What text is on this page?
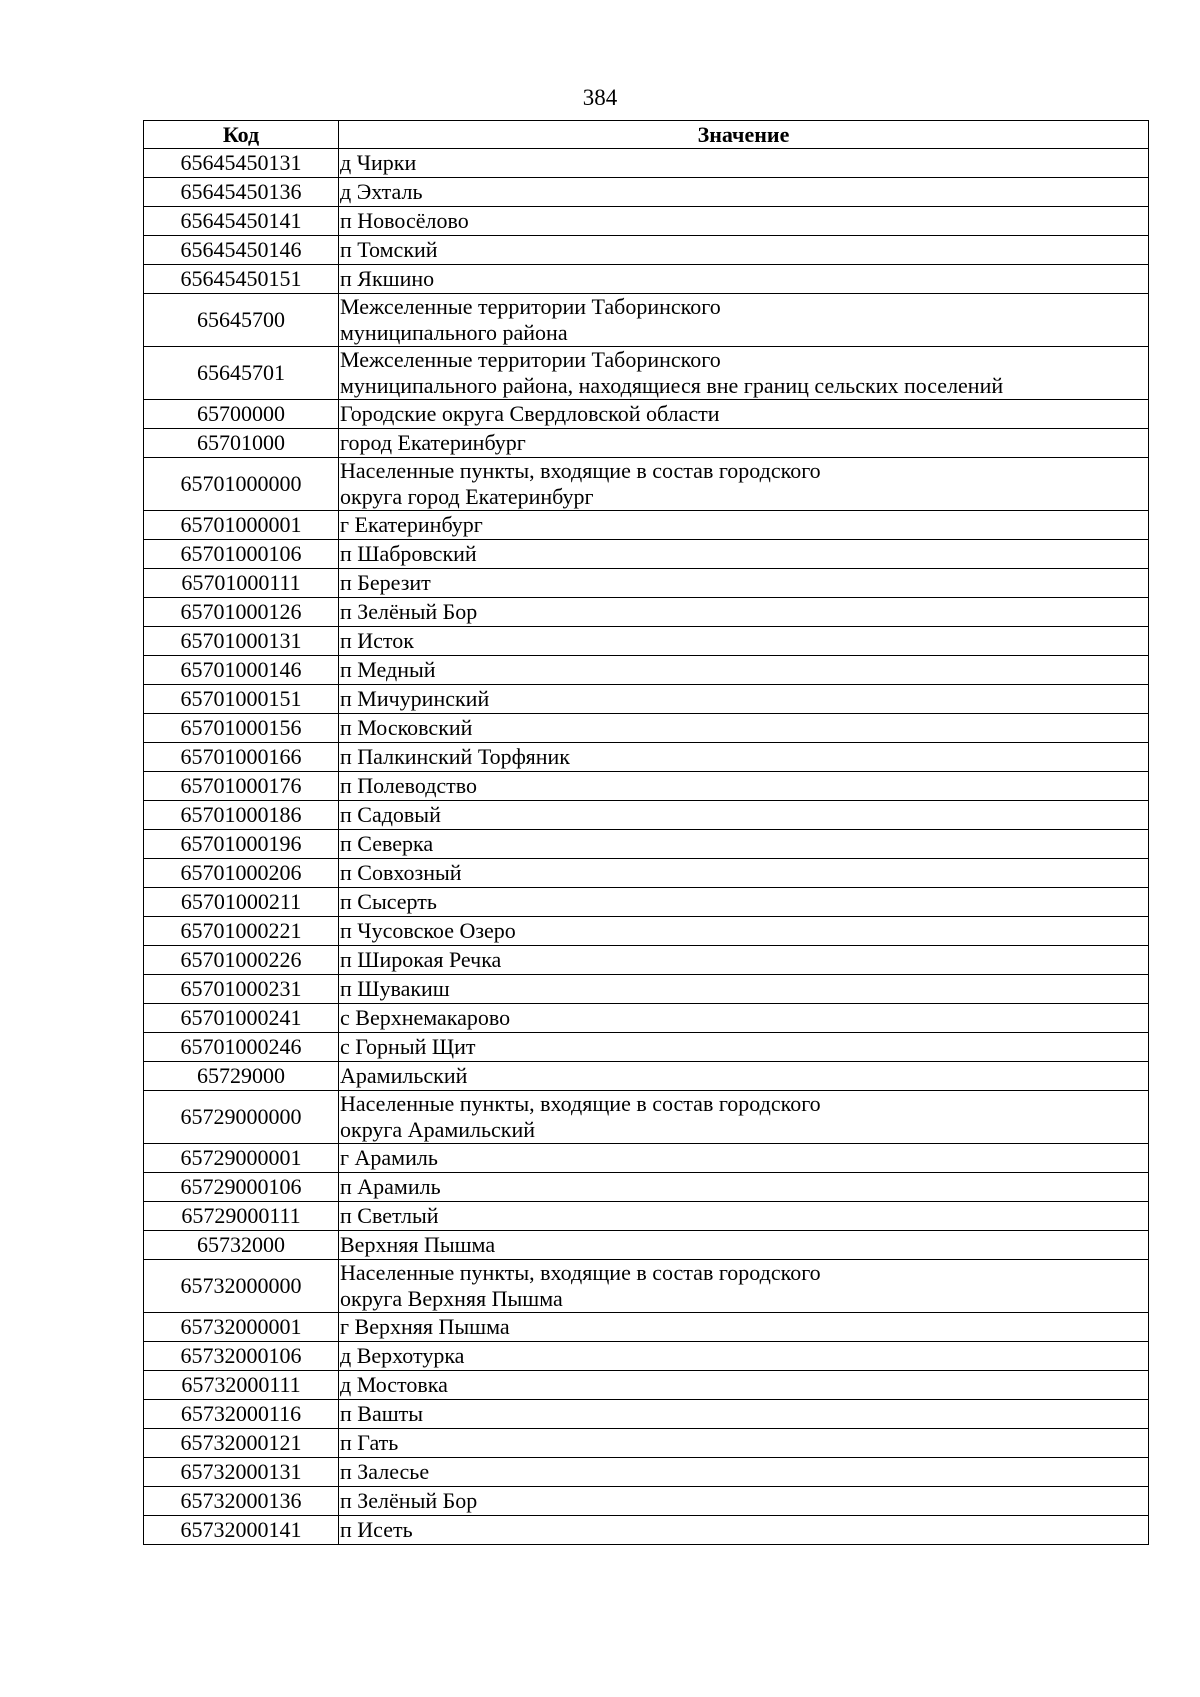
384
Код	Значение
65645450131	д Чирки
65645450136	д Эхталь
65645450141	п Новосёлово
65645450146	п Томский
65645450151	п Якшино
65645700	Межселенные территории Таборинского
муниципального района
65645701	Межселенные территории Таборинского
муниципального района, находящиеся вне границ сельских поселений
65700000	Городские округа Свердловской области
65701000	город Екатеринбург
65701000000	Населенные пункты, входящие в состав городского
округа город Екатеринбург
65701000001	г Екатеринбург
65701000106	п Шабровский
65701000111	п Березит
65701000126	п Зелёный Бор
65701000131	п Исток
65701000146	п Медный
65701000151	п Мичуринский
65701000156	п Московский
65701000166	п Палкинский Торфяник
65701000176	п Полеводство
65701000186	п Садовый
65701000196	п Северка
65701000206	п Совхозный
65701000211	п Сысерть
65701000221	п Чусовское Озеро
65701000226	п Широкая Речка
65701000231	п Шувакиш
65701000241	с Верхнемакарово
65701000246	с Горный Щит
65729000	Арамильский
65729000000	Населенные пункты, входящие в состав городского
округа Арамильский
65729000001	г Арамиль
65729000106	п Арамиль
65729000111	п Светлый
65732000	Верхняя Пышма
65732000000	Населенные пункты, входящие в состав городского
округа Верхняя Пышма
65732000001	г Верхняя Пышма
65732000106	д Верхотурка
65732000111	д Мостовка
65732000116	п Вашты
65732000121	п Гать
65732000131	п Залесье
65732000136	п Зелёный Бор
65732000141	п Исеть
